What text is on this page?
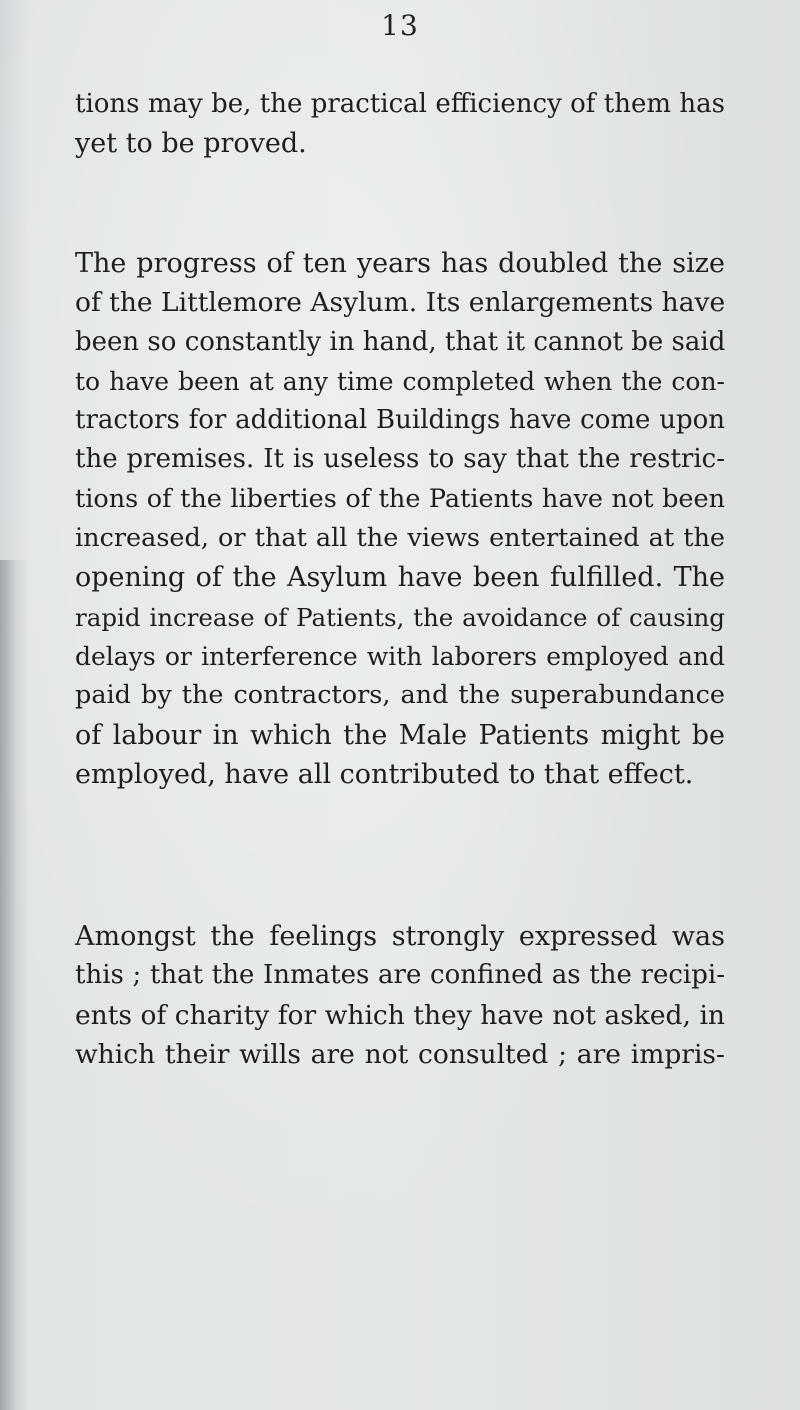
13

tions may be, the practical efficiency of them has
yet to be proved.

The progress of ten years has doubled the size
of the Littlemore Asylum. Its enlargements have
been so constantly in hand, that it cannot be said
to have been at any time completed when the con-
tractors for additional Buildings have come upon
the premises. It is useless to say that the restric-
tions of the liberties of the Patients have not been
increased, or that all the views entertained at the
opening of the Asylum have been fulfilled. The
rapid increase of Patients, the avoidance of causing
delays or interference with laborers employed and
paid by the contractors, and the superabundance
of labour in which the Male Patients might be
employed, have all contributed to that effect.

Amongst the feelings strongly expressed was
this ; that the Inmates are confined as the recipi-
ents of charity for which they have not asked, in
which their wills are not consulted ; are impris-
